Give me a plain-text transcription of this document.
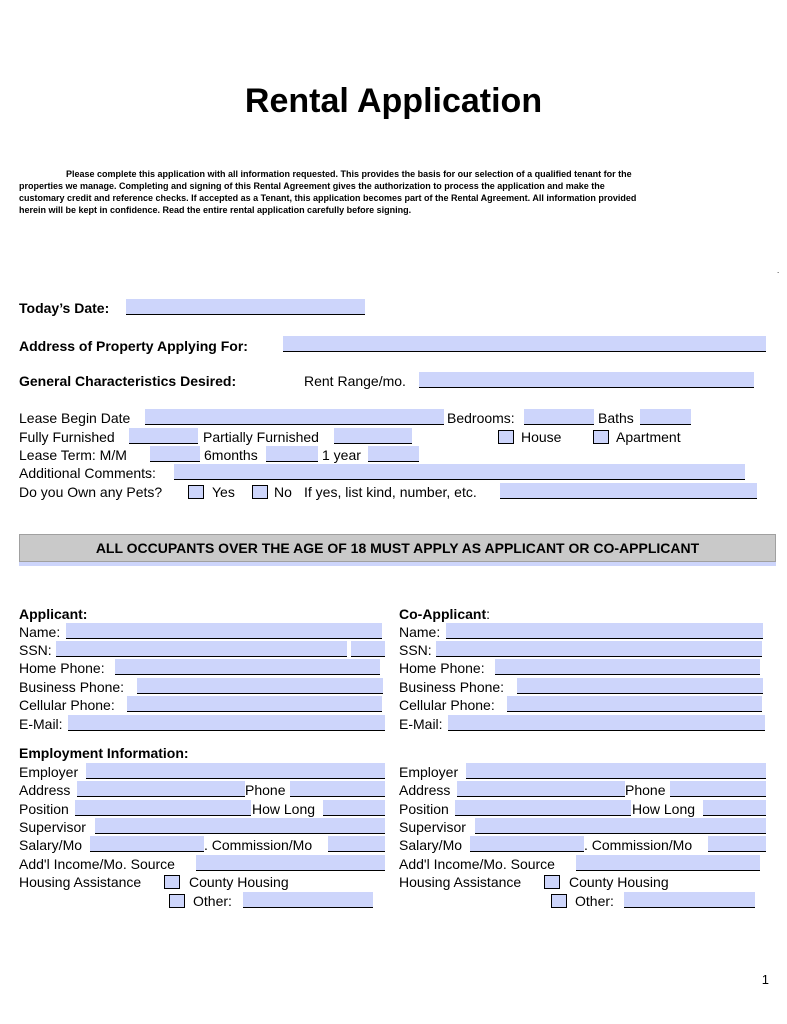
Rental Application

Please complete this application with all information requested. This provides the basis for our selection of a qualified tenant for the

properties we manage. Completing and signing of this Rental Agreement gives the authorization to process the application and make the

customary credit and reference checks. If accepted as a Tenant, this application becomes part of the Rental Agreement. All information provided

herein will be kept in confidence. Read the entire rental application carefully before signing.

.
Today’s Date:
Address of Property Applying For:
General Characteristics Desired:	Rent Range/mo.
Lease Begin Date	Bedrooms:	Baths
Fully Furnished	Partially Furnished	House	Apartment
Lease Term: M/M	6months	1 year
Additional Comments:
Do you Own any Pets?	Yes	No If yes, list kind, number, etc.
ALL OCCUPANTS OVER THE AGE OF 18 MUST APPLY AS APPLICANT OR CO-APPLICANT
Applicant:
Name:
SSN:
Home Phone:
Business Phone:
Cellular Phone:
E-Mail:
Co-Applicant:
Name:
SSN:
Home Phone:
Business Phone:
Cellular Phone:
E-Mail:
Employment Information:
Employer
Address	Phone
Position	How Long
Supervisor
Salary/Mo	. Commission/Mo
Add'l Income/Mo. Source
Housing Assistance	County Housing
Other:
Employer
Address	Phone
Position	How Long
Supervisor
Salary/Mo	. Commission/Mo
Add'l Income/Mo. Source
Housing Assistance	County Housing
Other:
1
